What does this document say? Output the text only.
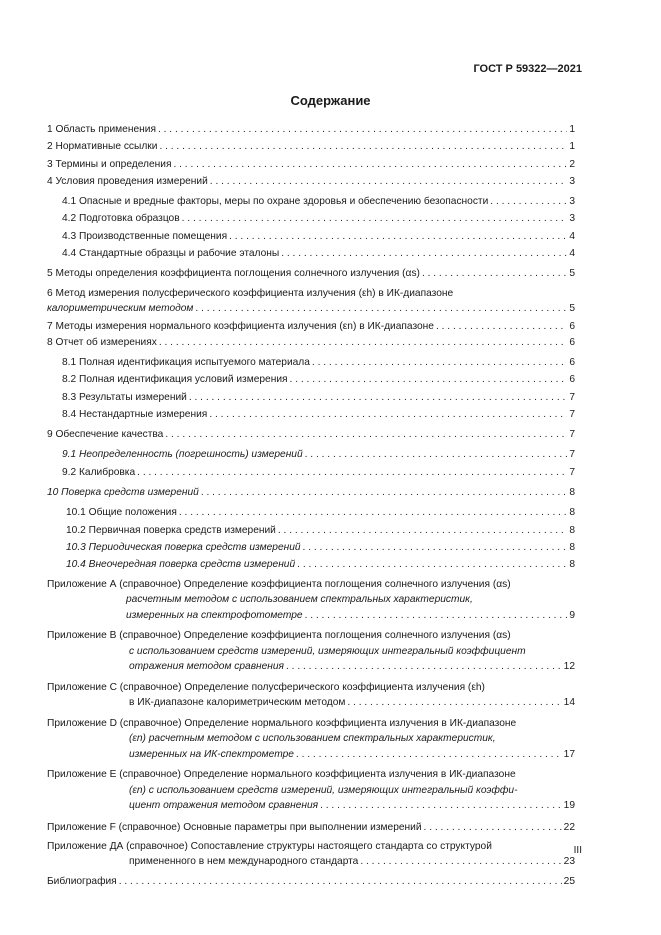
ГОСТ Р 59322—2021
Содержание
1 Область применения . . .	1
2 Нормативные ссылки . . .	1
3 Термины и определения . . .	2
4 Условия проведения измерений . . .	3
4.1 Опасные и вредные факторы, меры по охране здоровья и обеспечению безопасности . . .	3
4.2 Подготовка образцов . . .	3
4.3 Производственные помещения . . .	4
4.4 Стандартные образцы и рабочие эталоны . . .	4
5 Методы определения коэффициента поглощения солнечного излучения (αs) . . .	5
6 Метод измерения полусферического коэффициента излучения (εh) в ИК-диапазоне
калориметрическим методом . . .	5
7 Методы измерения нормального коэффициента излучения (εn) в ИК-диапазоне . . .	6
8 Отчет об измерениях . . .	6
8.1 Полная идентификация испытуемого материала . . .	6
8.2 Полная идентификация условий измерения . . .	6
8.3 Результаты измерений . . .	7
8.4 Нестандартные измерения . . .	7
9 Обеспечение качества . . .	7
9.1 Неопределенность (погрешность) измерений . . .	7
9.2 Калибровка . . .	7
10 Поверка средств измерений . . .	8
10.1 Общие положения . . .	8
10.2 Первичная поверка средств измерений . . .	8
10.3 Периодическая поверка средств измерений . . .	8
10.4 Внеочередная поверка средств измерений . . .	8
Приложение А (справочное) Определение коэффициента поглощения солнечного излучения (αs)
расчетным методом с использованием спектральных характеристик,
измеренных на спектрофотометре . . .	9
Приложение В (справочное) Определение коэффициента поглощения солнечного излучения (αs)
с использованием средств измерений, измеряющих интегральный коэффициент
отражения методом сравнения . . .	12
Приложение С (справочное) Определение полусферического коэффициента излучения (εh)
в ИК-диапазоне калориметрическим методом . . .	14
Приложение D (справочное) Определение нормального коэффициента излучения в ИК-диапазоне
(εn) расчетным методом с использованием спектральных характеристик,
измеренных на ИК-спектрометре . . .	17
Приложение Е (справочное) Определение нормального коэффициента излучения в ИК-диапазоне
(εn) с использованием средств измерений, измеряющих интегральный коэффи-
циент отражения методом сравнения . . .	19
Приложение F (справочное) Основные параметры при выполнении измерений . . .	22
Приложение ДА (справочное) Сопоставление структуры настоящего стандарта со структурой
примененного в нем международного стандарта . . .	23
Библиография . . .	25
III
